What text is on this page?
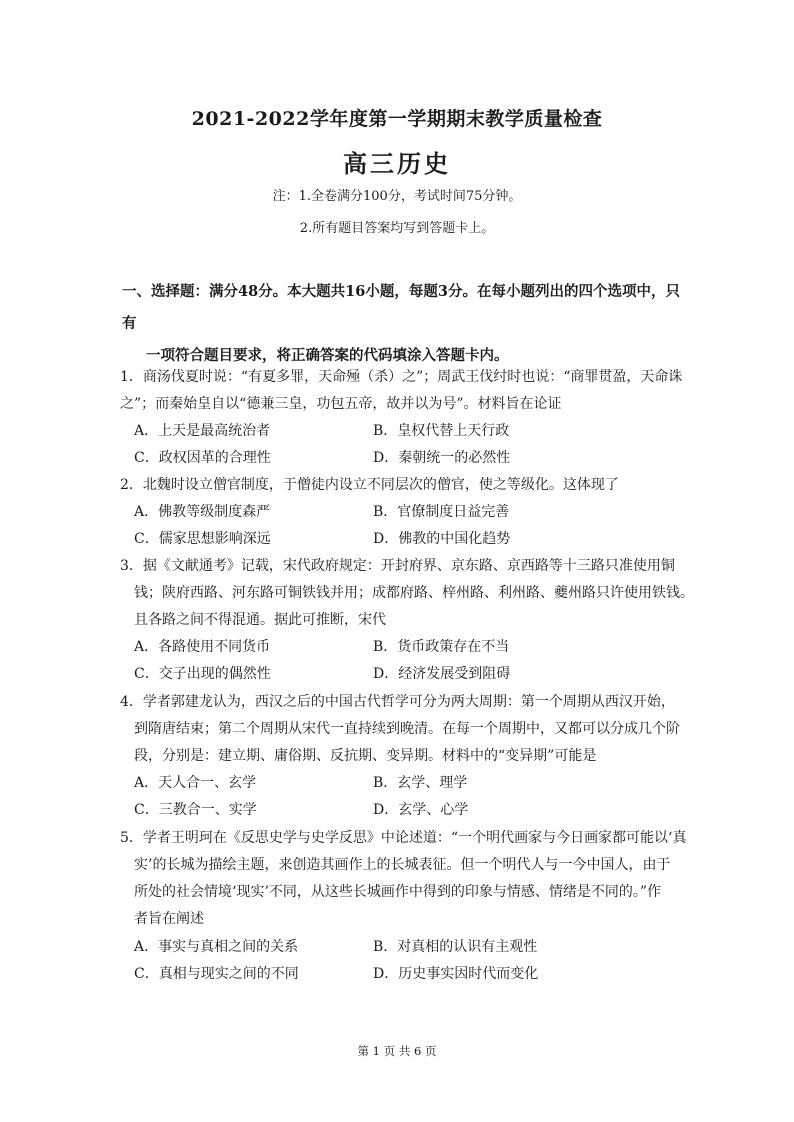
2021-2022学年度第一学期期末教学质量检查
高三历史
注：1.全卷满分100分，考试时间75分钟。
2.所有题目答案均写到答题卡上。
一、选择题：满分48分。本大题共16小题，每题3分。在每小题列出的四个选项中，只有
一项符合题目要求，将正确答案的代码填涂入答题卡内。
1．商汤伐夏时说：“有夏多罪，天命殛（杀）之”；周武王伐纣时也说：“商罪贯盈，天命诛
之”；而秦始皇自以“德兼三皇，功包五帝，故并以为号”。材料旨在论证
A．上天是最高统治者	B．皇权代替上天行政
C．政权因革的合理性	D．秦朝统一的必然性
2．北魏时设立僧官制度，于僧徒内设立不同层次的僧官，使之等级化。这体现了
A．佛教等级制度森严	B．官僚制度日益完善
C．儒家思想影响深远	D．佛教的中国化趋势
3．据《文献通考》记载，宋代政府规定：开封府界、京东路、京西路等十三路只准使用铜
钱；陕府西路、河东路可铜铁钱并用；成都府路、梓州路、利州路、夔州路只许使用铁钱。
且各路之间不得混通。据此可推断，宋代
A．各路使用不同货币	B．货币政策存在不当
C．交子出现的偶然性	D．经济发展受到阻碍
4．学者郭建龙认为，西汉之后的中国古代哲学可分为两大周期：第一个周期从西汉开始，
到隋唐结束；第二个周期从宋代一直持续到晚清。在每一个周期中，又都可以分成几个阶
段，分别是：建立期、庸俗期、反抗期、变异期。材料中的“变异期”可能是
A．天人合一、玄学	B．玄学、理学
C．三教合一、实学	D．玄学、心学
5．学者王明珂在《反思史学与史学反思》中论述道：“一个明代画家与今日画家都可能以‘真
实’的长城为描绘主题，来创造其画作上的长城表征。但一个明代人与一今中国人，由于
所处的社会情境‘现实’不同，从这些长城画作中得到的印象与情感、情绪是不同的。”作
者旨在阐述
A．事实与真相之间的关系	B．对真相的认识有主观性
C．真相与现实之间的不同	D．历史事实因时代而变化
第 1 页 共 6 页
